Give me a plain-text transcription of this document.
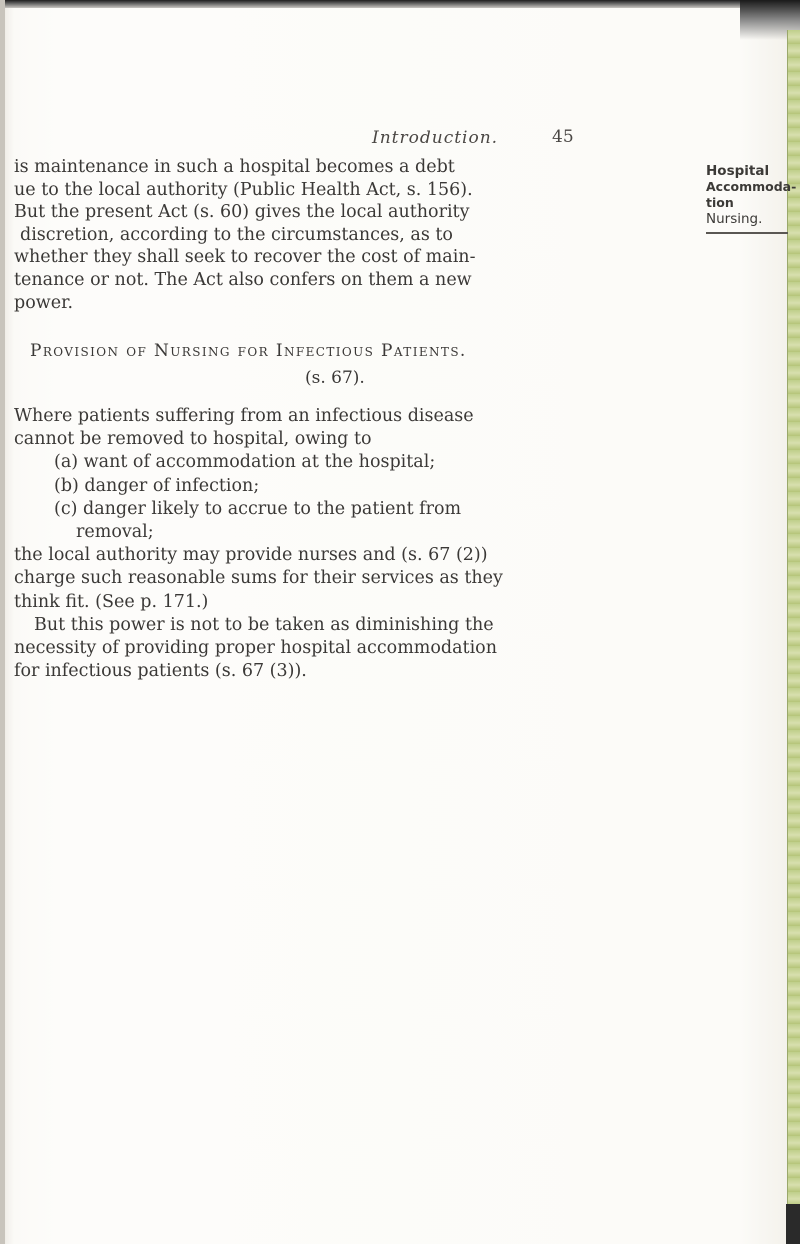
Introduction.	45
is maintenance in such a hospital becomes a debt
ue to the local authority (Public Health Act, s. 156).
But the present Act (s. 60) gives the local authority
discretion, according to the circumstances, as to
whether they shall seek to recover the cost of main-
tenance or not. The Act also confers on them a new
power.
Hospital
Accommoda-
tion
Nursing.
Provision of Nursing for Infectious Patients.
(s. 67).
Where patients suffering from an infectious disease
cannot be removed to hospital, owing to
(a) want of accommodation at the hospital;
(b) danger of infection;
(c) danger likely to accrue to the patient from
removal;
the local authority may provide nurses and (s. 67 (2))
charge such reasonable sums for their services as they
think fit. (See p. 171.)
But this power is not to be taken as diminishing the
necessity of providing proper hospital accommodation
for infectious patients (s. 67 (3)).
